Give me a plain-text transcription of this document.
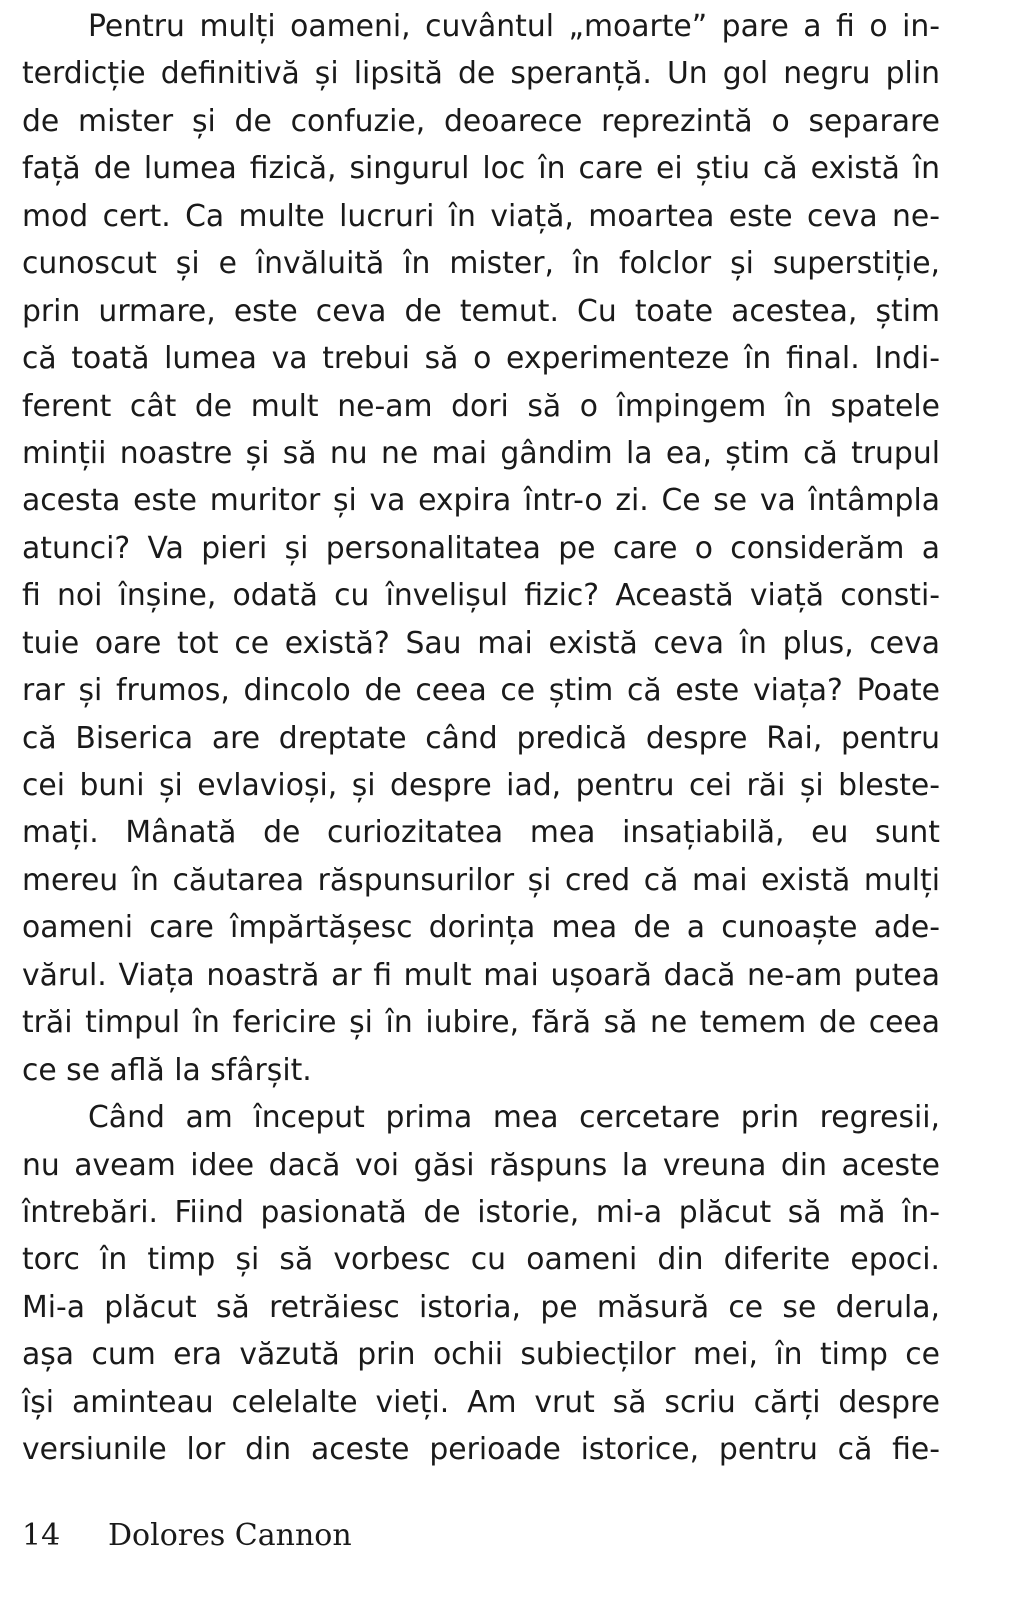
Pentru mulți oameni, cuvântul „moarte” pare a fi o in-
terdicție definitivă și lipsită de speranță. Un gol negru plin
de mister și de confuzie, deoarece reprezintă o separare
față de lumea fizică, singurul loc în care ei știu că există în
mod cert. Ca multe lucruri în viață, moartea este ceva ne-
cunoscut și e învăluită în mister, în folclor și superstiție,
prin urmare, este ceva de temut. Cu toate acestea, știm
că toată lumea va trebui să o experimenteze în final. Indi-
ferent cât de mult ne-am dori să o împingem în spatele
minții noastre și să nu ne mai gândim la ea, știm că trupul
acesta este muritor și va expira într-o zi. Ce se va întâmpla
atunci? Va pieri și personalitatea pe care o considerăm a
fi noi înșine, odată cu învelișul fizic? Această viață consti-
tuie oare tot ce există? Sau mai există ceva în plus, ceva
rar și frumos, dincolo de ceea ce știm că este viața? Poate
că Biserica are dreptate când predică despre Rai, pentru
cei buni și evlavioși, și despre iad, pentru cei răi și bleste-
mați. Mânată de curiozitatea mea insațiabilă, eu sunt
mereu în căutarea răspunsurilor și cred că mai există mulți
oameni care împărtășesc dorința mea de a cunoaște ade-
vărul. Viața noastră ar fi mult mai ușoară dacă ne-am putea
trăi timpul în fericire și în iubire, fără să ne temem de ceea
ce se află la sfârșit.
Când am început prima mea cercetare prin regresii,
nu aveam idee dacă voi găsi răspuns la vreuna din aceste
întrebări. Fiind pasionată de istorie, mi-a plăcut să mă în-
torc în timp și să vorbesc cu oameni din diferite epoci.
Mi-a plăcut să retrăiesc istoria, pe măsură ce se derula,
așa cum era văzută prin ochii subiecților mei, în timp ce
își aminteau celelalte vieți. Am vrut să scriu cărți despre
versiunile lor din aceste perioade istorice, pentru că fie-
14 Dolores Cannon
